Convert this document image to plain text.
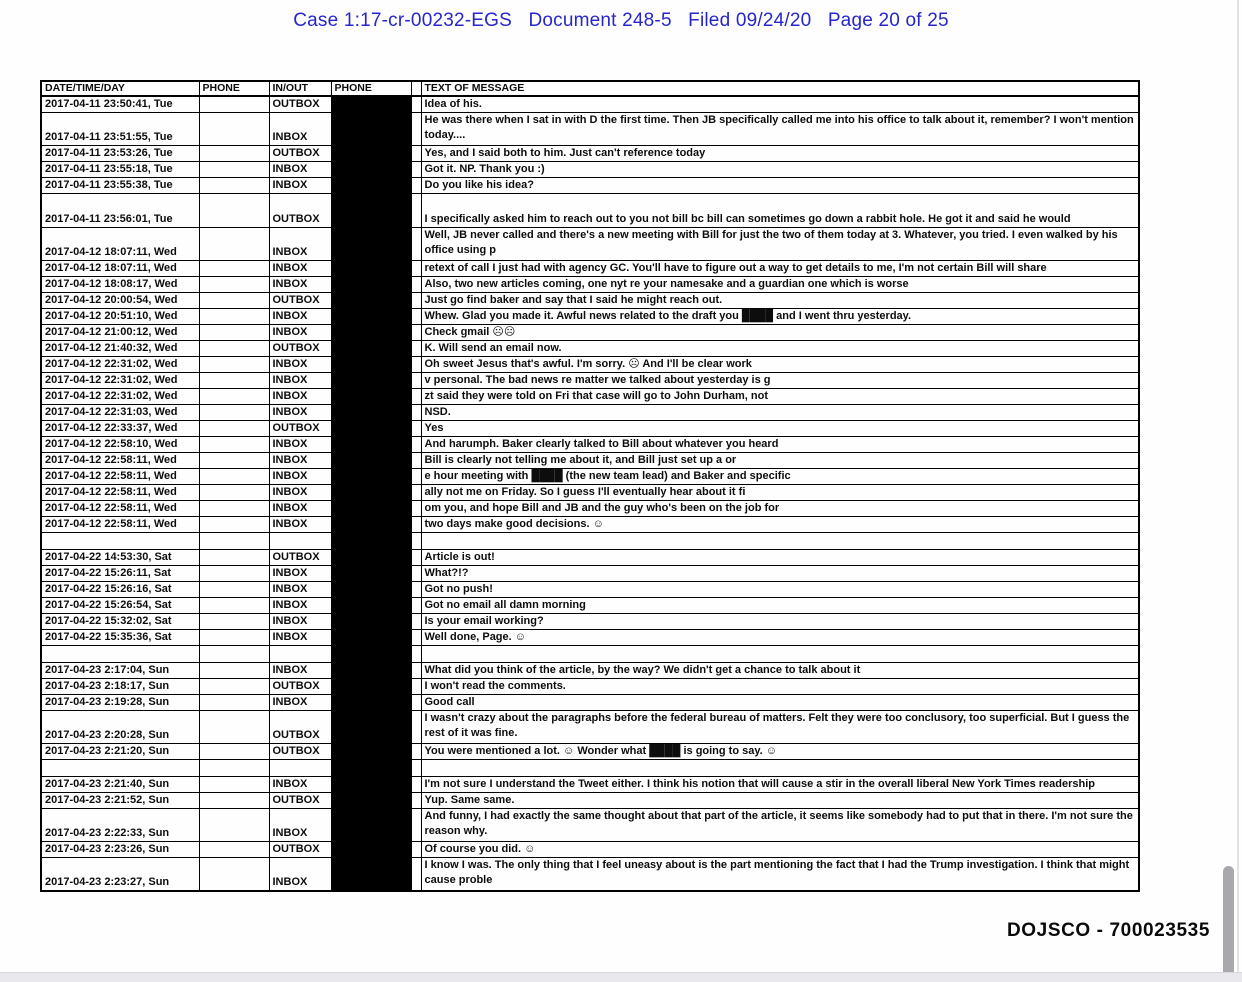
Case 1:17-cr-00232-EGS   Document 248-5   Filed 09/24/20   Page 20 of 25
DATE/TIME/DAY	PHONE	IN/OUT	PHONE		TEXT OF MESSAGE
2017-04-11 23:50:41, Tue		OUTBOX			Idea of his.
2017-04-11 23:51:55, Tue		INBOX			He was there when I sat in with D the first time. Then JB specifically called me into his office to talk about it, remember? I won't mention today....
2017-04-11 23:53:26, Tue		OUTBOX			Yes, and I said both to him. Just can't reference today
2017-04-11 23:55:18, Tue		INBOX			Got it. NP. Thank you :)
2017-04-11 23:55:38, Tue		INBOX			Do you like his idea?
2017-04-11 23:56:01, Tue		OUTBOX			I specifically asked him to reach out to you not bill bc bill can sometimes go down a rabbit hole. He got it and said he would
2017-04-12 18:07:11, Wed		INBOX			Well, JB never called and there's a new meeting with Bill for just the two of them today at 3. Whatever, you tried. I even walked by his office using p
2017-04-12 18:07:11, Wed		INBOX			retext of call I just had with agency GC. You'll have to figure out a way to get details to me, I'm not certain Bill will share
2017-04-12 18:08:17, Wed		INBOX			Also, two new articles coming, one nyt re your namesake and a guardian one which is worse
2017-04-12 20:00:54, Wed		OUTBOX			Just go find baker and say that I said he might reach out.
2017-04-12 20:51:10, Wed		INBOX			Whew. Glad you made it. Awful news related to the draft you ████ and I went thru yesterday.
2017-04-12 21:00:12, Wed		INBOX			Check gmail ☹☹
2017-04-12 21:40:32, Wed		OUTBOX			K. Will send an email now.
2017-04-12 22:31:02, Wed		INBOX			Oh sweet Jesus that's awful. I'm sorry. ☹ And I'll be clear work
2017-04-12 22:31:02, Wed		INBOX			v personal. The bad news re matter we talked about yesterday is g
2017-04-12 22:31:02, Wed		INBOX			zt said they were told on Fri that case will go to John Durham, not
2017-04-12 22:31:03, Wed		INBOX			NSD.
2017-04-12 22:33:37, Wed		OUTBOX			Yes
2017-04-12 22:58:10, Wed		INBOX			And harumph. Baker clearly talked to Bill about whatever you heard
2017-04-12 22:58:11, Wed		INBOX			Bill is clearly not telling me about it, and Bill just set up a or
2017-04-12 22:58:11, Wed		INBOX			e hour meeting with ████ (the new team lead) and Baker and specific
2017-04-12 22:58:11, Wed		INBOX			ally not me on Friday. So I guess I'll eventually hear about it fi
2017-04-12 22:58:11, Wed		INBOX			om you, and hope Bill and JB and the guy who's been on the job for
2017-04-12 22:58:11, Wed		INBOX			two days make good decisions. ☺

2017-04-22 14:53:30, Sat		OUTBOX			Article is out!
2017-04-22 15:26:11, Sat		INBOX			What?!?
2017-04-22 15:26:16, Sat		INBOX			Got no push!
2017-04-22 15:26:54, Sat		INBOX			Got no email all damn morning
2017-04-22 15:32:02, Sat		INBOX			Is your email working?
2017-04-22 15:35:36, Sat		INBOX			Well done, Page. ☺

2017-04-23 2:17:04, Sun		INBOX			What did you think of the article, by the way? We didn't get a chance to talk about it
2017-04-23 2:18:17, Sun		OUTBOX			I won't read the comments.
2017-04-23 2:19:28, Sun		INBOX			Good call
2017-04-23 2:20:28, Sun		OUTBOX			I wasn't crazy about the paragraphs before the federal bureau of matters. Felt they were too conclusory, too superficial. But I guess the rest of it was fine.
2017-04-23 2:21:20, Sun		OUTBOX			You were mentioned a lot. ☺ Wonder what ████ is going to say. ☺

2017-04-23 2:21:40, Sun		INBOX			I'm not sure I understand the Tweet either. I think his notion that will cause a stir in the overall liberal New York Times readership
2017-04-23 2:21:52, Sun		OUTBOX			Yup. Same same.
2017-04-23 2:22:33, Sun		INBOX			And funny, I had exactly the same thought about that part of the article, it seems like somebody had to put that in there. I'm not sure the reason why.
2017-04-23 2:23:26, Sun		OUTBOX			Of course you did. ☺
2017-04-23 2:23:27, Sun		INBOX			I know I was. The only thing that I feel uneasy about is the part mentioning the fact that I had the Trump investigation. I think that might cause proble
DOJSCO - 700023535
